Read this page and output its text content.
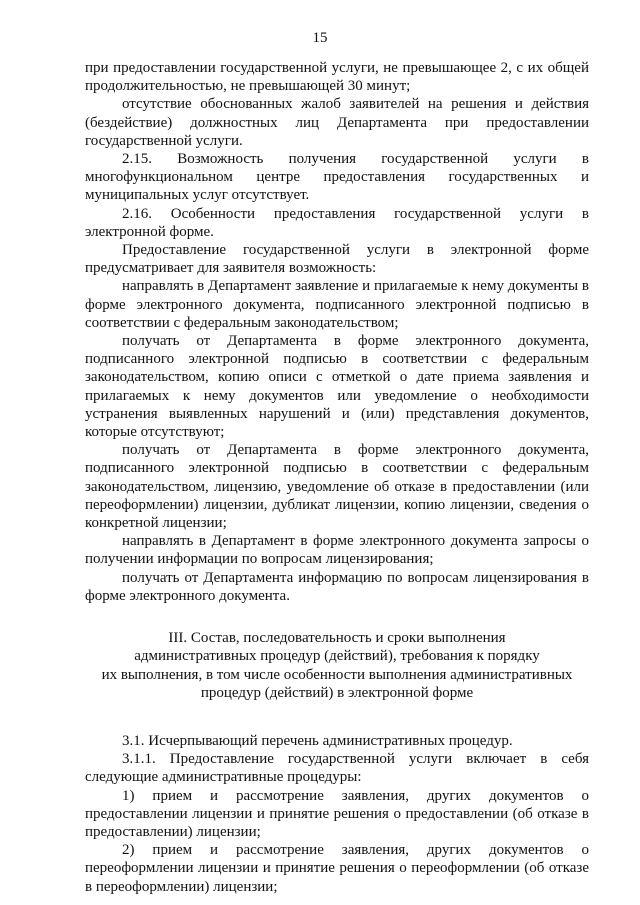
15

при предоставлении государственной услуги, не превышающее 2, с их общей продолжительностью, не превышающей 30 минут;

отсутствие обоснованных жалоб заявителей на решения и действия (бездействие) должностных лиц Департамента при предоставлении государственной услуги.

2.15. Возможность получения государственной услуги в многофункциональном центре предоставления государственных и муниципальных услуг отсутствует.

2.16. Особенности предоставления государственной услуги в электронной форме.

Предоставление государственной услуги в электронной форме предусматривает для заявителя возможность:

направлять в Департамент заявление и прилагаемые к нему документы в форме электронного документа, подписанного электронной подписью в соответствии с федеральным законодательством;

получать от Департамента в форме электронного документа, подписанного электронной подписью в соответствии с федеральным законодательством, копию описи с отметкой о дате приема заявления и прилагаемых к нему документов или уведомление о необходимости устранения выявленных нарушений и (или) представления документов, которые отсутствуют;

получать от Департамента в форме электронного документа, подписанного электронной подписью в соответствии с федеральным законодательством, лицензию, уведомление об отказе в предоставлении (или переоформлении) лицензии, дубликат лицензии, копию лицензии, сведения о конкретной лицензии;

направлять в Департамент в форме электронного документа запросы о получении информации по вопросам лицензирования;

получать от Департамента информацию по вопросам лицензирования в форме электронного документа.

III. Состав, последовательность и сроки выполнения
административных процедур (действий), требования к порядку
их выполнения, в том числе особенности выполнения административных
процедур (действий) в электронной форме

3.1. Исчерпывающий перечень административных процедур.

3.1.1. Предоставление государственной услуги включает в себя следующие административные процедуры:

1) прием и рассмотрение заявления, других документов о предоставлении лицензии и принятие решения о предоставлении (об отказе в предоставлении) лицензии;

2) прием и рассмотрение заявления, других документов о переоформлении лицензии и принятие решения о переоформлении (об отказе в переоформлении) лицензии;
